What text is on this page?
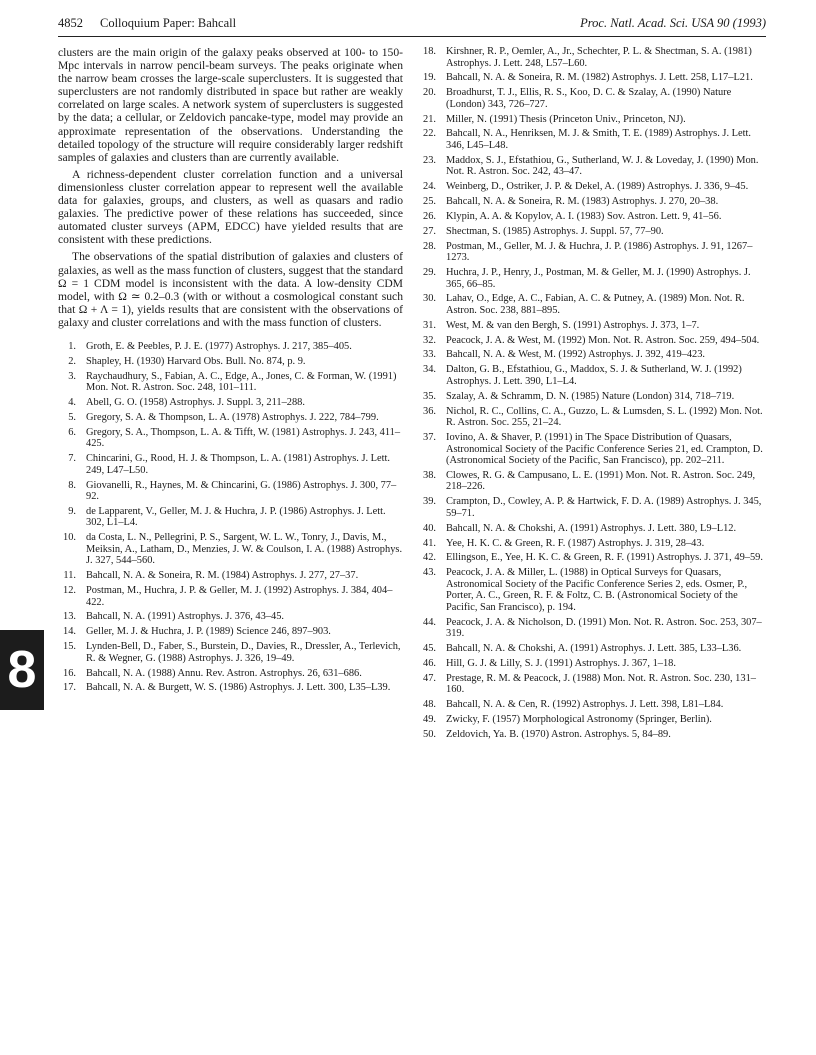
4852 Colloquium Paper: Bahcall	Proc. Natl. Acad. Sci. USA 90 (1993)
8

clusters are the main origin of the galaxy peaks observed at 100- to 150-Mpc intervals in narrow pencil-beam surveys. The peaks originate when the narrow beam crosses the large-scale superclusters. It is suggested that superclusters are not randomly distributed in space but rather are weakly correlated on large scales. A network system of superclusters is suggested by the data; a cellular, or Zeldovich pancake-type, model may provide an approximate representation of the observations. Understanding the detailed topology of the structure will require considerably larger redshift samples of galaxies and clusters than are currently available.

A richness-dependent cluster correlation function and a universal dimensionless cluster correlation appear to represent well the available data for galaxies, groups, and clusters, as well as quasars and radio galaxies. The predictive power of these relations has succeeded, since automated cluster surveys (APM, EDCC) have yielded results that are consistent with these predictions.

The observations of the spatial distribution of galaxies and clusters of galaxies, as well as the mass function of clusters, suggest that the standard Ω = 1 CDM model is inconsistent with the data. A low-density CDM model, with Ω ≃ 0.2–0.3 (with or without a cosmological constant such that Ω + Λ = 1), yields results that are consistent with the observations of galaxy and cluster correlations and with the mass function of clusters.

1. Groth, E. & Peebles, P. J. E. (1977) Astrophys. J. 217, 385–405.
2. Shapley, H. (1930) Harvard Obs. Bull. No. 874, p. 9.
3. Raychaudhury, S., Fabian, A. C., Edge, A., Jones, C. & Forman, W. (1991) Mon. Not. R. Astron. Soc. 248, 101–111.
4. Abell, G. O. (1958) Astrophys. J. Suppl. 3, 211–288.
5. Gregory, S. A. & Thompson, L. A. (1978) Astrophys. J. 222, 784–799.
6. Gregory, S. A., Thompson, L. A. & Tifft, W. (1981) Astrophys. J. 243, 411–425.
7. Chincarini, G., Rood, H. J. & Thompson, L. A. (1981) Astrophys. J. Lett. 249, L47–L50.
8. Giovanelli, R., Haynes, M. & Chincarini, G. (1986) Astrophys. J. 300, 77–92.
9. de Lapparent, V., Geller, M. J. & Huchra, J. P. (1986) Astrophys. J. Lett. 302, L1–L4.
10. da Costa, L. N., Pellegrini, P. S., Sargent, W. L. W., Tonry, J., Davis, M., Meiksin, A., Latham, D., Menzies, J. W. & Coulson, I. A. (1988) Astrophys. J. 327, 544–560.
11. Bahcall, N. A. & Soneira, R. M. (1984) Astrophys. J. 277, 27–37.
12. Postman, M., Huchra, J. P. & Geller, M. J. (1992) Astrophys. J. 384, 404–422.
13. Bahcall, N. A. (1991) Astrophys. J. 376, 43–45.
14. Geller, M. J. & Huchra, J. P. (1989) Science 246, 897–903.
15. Lynden-Bell, D., Faber, S., Burstein, D., Davies, R., Dressler, A., Terlevich, R. & Wegner, G. (1988) Astrophys. J. 326, 19–49.
16. Bahcall, N. A. (1988) Annu. Rev. Astron. Astrophys. 26, 631–686.
17. Bahcall, N. A. & Burgett, W. S. (1986) Astrophys. J. Lett. 300, L35–L39.
18. Kirshner, R. P., Oemler, A., Jr., Schechter, P. L. & Shectman, S. A. (1981) Astrophys. J. Lett. 248, L57–L60.
19. Bahcall, N. A. & Soneira, R. M. (1982) Astrophys. J. Lett. 258, L17–L21.
20. Broadhurst, T. J., Ellis, R. S., Koo, D. C. & Szalay, A. (1990) Nature (London) 343, 726–727.
21. Miller, N. (1991) Thesis (Princeton Univ., Princeton, NJ).
22. Bahcall, N. A., Henriksen, M. J. & Smith, T. E. (1989) Astrophys. J. Lett. 346, L45–L48.
23. Maddox, S. J., Efstathiou, G., Sutherland, W. J. & Loveday, J. (1990) Mon. Not. R. Astron. Soc. 242, 43–47.
24. Weinberg, D., Ostriker, J. P. & Dekel, A. (1989) Astrophys. J. 336, 9–45.
25. Bahcall, N. A. & Soneira, R. M. (1983) Astrophys. J. 270, 20–38.
26. Klypin, A. A. & Kopylov, A. I. (1983) Sov. Astron. Lett. 9, 41–56.
27. Shectman, S. (1985) Astrophys. J. Suppl. 57, 77–90.
28. Postman, M., Geller, M. J. & Huchra, J. P. (1986) Astrophys. J. 91, 1267–1273.
29. Huchra, J. P., Henry, J., Postman, M. & Geller, M. J. (1990) Astrophys. J. 365, 66–85.
30. Lahav, O., Edge, A. C., Fabian, A. C. & Putney, A. (1989) Mon. Not. R. Astron. Soc. 238, 881–895.
31. West, M. & van den Bergh, S. (1991) Astrophys. J. 373, 1–7.
32. Peacock, J. A. & West, M. (1992) Mon. Not. R. Astron. Soc. 259, 494–504.
33. Bahcall, N. A. & West, M. (1992) Astrophys. J. 392, 419–423.
34. Dalton, G. B., Efstathiou, G., Maddox, S. J. & Sutherland, W. J. (1992) Astrophys. J. Lett. 390, L1–L4.
35. Szalay, A. & Schramm, D. N. (1985) Nature (London) 314, 718–719.
36. Nichol, R. C., Collins, C. A., Guzzo, L. & Lumsden, S. L. (1992) Mon. Not. R. Astron. Soc. 255, 21–24.
37. Iovino, A. & Shaver, P. (1991) in The Space Distribution of Quasars, Astronomical Society of the Pacific Conference Series 21, ed. Crampton, D. (Astronomical Society of the Pacific, San Francisco), pp. 202–211.
38. Clowes, R. G. & Campusano, L. E. (1991) Mon. Not. R. Astron. Soc. 249, 218–226.
39. Crampton, D., Cowley, A. P. & Hartwick, F. D. A. (1989) Astrophys. J. 345, 59–71.
40. Bahcall, N. A. & Chokshi, A. (1991) Astrophys. J. Lett. 380, L9–L12.
41. Yee, H. K. C. & Green, R. F. (1987) Astrophys. J. 319, 28–43.
42. Ellingson, E., Yee, H. K. C. & Green, R. F. (1991) Astrophys. J. 371, 49–59.
43. Peacock, J. A. & Miller, L. (1988) in Optical Surveys for Quasars, Astronomical Society of the Pacific Conference Series 2, eds. Osmer, P., Porter, A. C., Green, R. F. & Foltz, C. B. (Astronomical Society of the Pacific, San Francisco), p. 194.
44. Peacock, J. A. & Nicholson, D. (1991) Mon. Not. R. Astron. Soc. 253, 307–319.
45. Bahcall, N. A. & Chokshi, A. (1991) Astrophys. J. Lett. 385, L33–L36.
46. Hill, G. J. & Lilly, S. J. (1991) Astrophys. J. 367, 1–18.
47. Prestage, R. M. & Peacock, J. (1988) Mon. Not. R. Astron. Soc. 230, 131–160.
48. Bahcall, N. A. & Cen, R. (1992) Astrophys. J. Lett. 398, L81–L84.
49. Zwicky, F. (1957) Morphological Astronomy (Springer, Berlin).
50. Zeldovich, Ya. B. (1970) Astron. Astrophys. 5, 84–89.
